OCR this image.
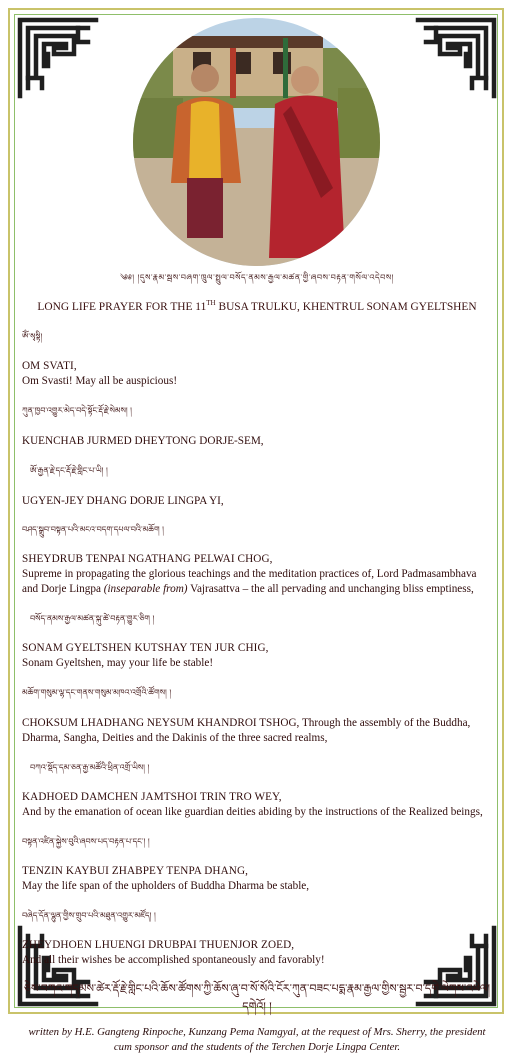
༄༅། །དུས་རྣམ་སྦས་བཞག་ཁྲུལ་སྤྲུལ་བསོད་ནམས་རྒྱལ་མཚན་གྱི་ཞབས་བརྟན་གསོལ་འདེབས།

LONG LIFE PRAYER FOR THE 11TH BUSA TRULKU, KHENTRUL SONAM GYELTSHEN

ཨོཾ་སྭསྟི།

OM SVATI,

Om Svasti! May all be auspicious!

ཀུན་ཁྱབ་འགྱུར་མེད་བདེ་སྟོང་རྡོ་རྗེ་སེམས། །

KUENCHAB JURMED DHEYTONG DORJE-SEM,

ཨོ་རྒྱན་རྗེ་དང་རྡོ་རྗེ་གླིང་པ་ཡི། །

UGYEN-JEY DHANG DORJE LINGPA YI,

བཤད་སྒྲུབ་བསྟན་པའི་མངའ་བདག་དཔལ་བའི་མཆོག །

SHEYDRUB TENPAI NGATHANG PELWAI CHOG,

Supreme in propagating the glorious teachings and the meditation practices of, Lord Padmasambhava and Dorje Lingpa (inseparable from) Vajrasattva – the all pervading and unchanging bliss emptiness,

བསོད་ནམས་རྒྱལ་མཚན་སྐུ་ཚེ་བརྟན་གྱུར་ཅིག །

SONAM GYELTSHEN KUTSHAY TEN JUR CHIG,

Sonam Gyeltshen, may your life be stable!

མཆོག་གསུམ་ལྷ་དང་གནས་གསུམ་མཁའ་འགྲོའི་ཚོགས། །

CHOKSUM LHADHANG NEYSUM KHANDROI TSHOG, Through the assembly of the Buddha, Dharma, Sangha, Deities and the Dakinis of the three sacred realms,

བཀའ་སྡོད་དམ་ཅན་རྒྱ་མཚོའི་ཕྲིན་འགྲོ་ཡིས། །

KADHOED DAMCHEN JAMTSHOI TRIN TRO WEY,

And by the emanation of ocean like guardian deities abiding by the instructions of the Realized beings,

བསྟན་འཛིན་སྐྱེས་བུའི་ཞབས་པད་བརྟན་པ་དང་། །

TENZIN KAYBUI ZHABPEY TENPA DHANG,

May the life span of the upholders of Buddha Dharma be stable,

བཞེད་དོན་ལྷུན་གྱིས་གྲུབ་པའི་མཐུན་འགྱུར་མཛོད། །

ZHEYDHOEN LHUENGI DRUBPAI THUENJOR ZOED,

And all their wishes be accomplished spontaneously and favorably!

ཅེས་བཀའ་གདམས་ཚེར་རྡོ་རྗེ་གླིང་པའི་ཆོས་ཚོགས་ཀྱི་ཆོས་ཞུ་བ་སོ་སོའི་ངོར་ཀུན་བཟང་པདྨ་རྣམ་རྒྱལ་གྱིས་སྦྱར་བ་དགེ་ལེགས་འཕེལ།

དགེའོ། །

written by H.E. Gangteng Rinpoche, Kunzang Pema Namgyal, at the request of Mrs. Sherry, the president cum sponsor and the students of the Terchen Dorje Lingpa Center.
